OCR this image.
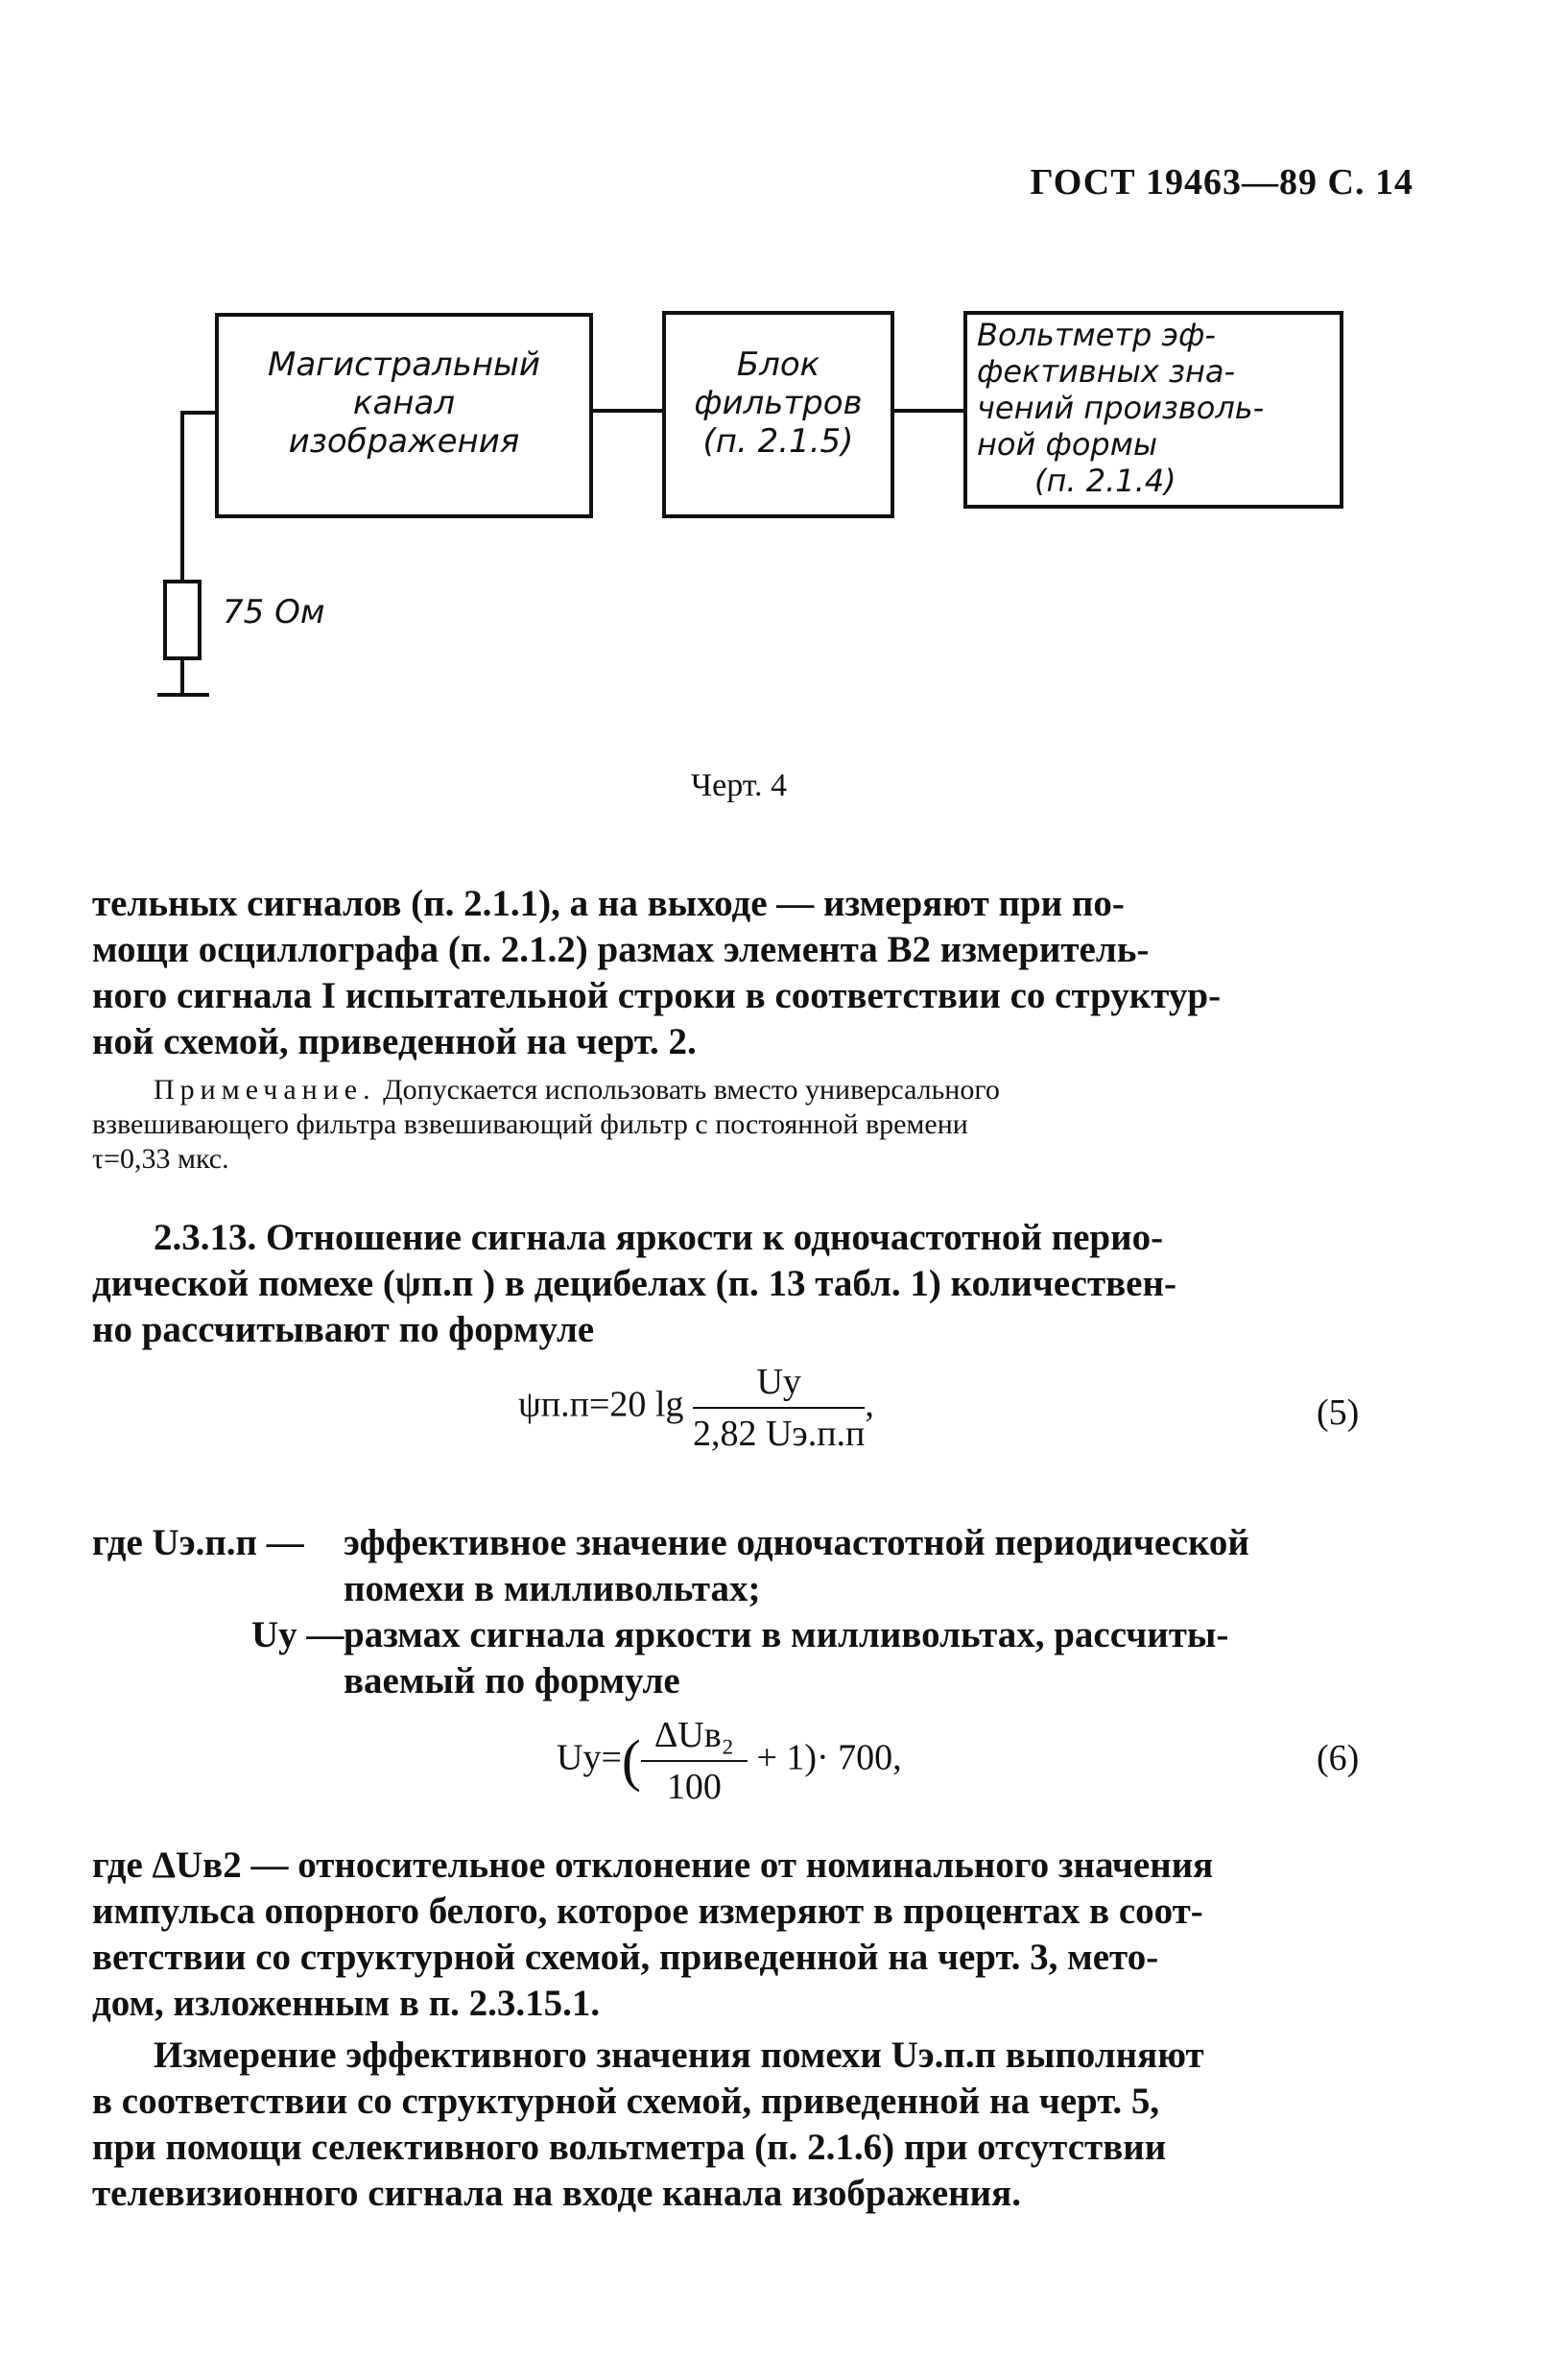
ГОСТ 19463—89 С. 14
Магистральный
канал
изображения
Блок
фильтров
(п. 2.1.5)
Вольтметр эф-
фективных зна-
чений произволь-
ной формы
(п. 2.1.4)
75 Ом
Черт. 4
тельных сигналов (п. 2.1.1), а на выходе — измеряют при по-
мощи осциллографа (п. 2.1.2) размах элемента В2 измеритель-
ного сигнала I испытательной строки в соответствии со структур-
ной схемой, приведенной на черт. 2.
Примечание. Допускается использовать вместо универсального
взвешивающего фильтра взвешивающий фильтр с постоянной времени
τ=0,33 мкс.
2.3.13. Отношение сигнала яркости к одночастотной перио-
дической помехе (ψп.п ) в децибелах (п. 13 табл. 1) количествен-
но рассчитывают по формуле
ψп.п=20 $\lg \frac{Uу}{2,82 Uэ.п.п}$ ,	(5)
где Uэ.п.п — эффективное значение одночастотной периодической
помехи в милливольтах;
Uу — размах сигнала яркости в милливольтах, рассчиты-
ваемый по формуле
$Uу=( \frac{\text{ΔUв₂}}{100} + 1)\cdot 700$,	(6)
где ΔUв2 — относительное отклонение от номинального значения
импульса опорного белого, которое измеряют в процентах в соот-
ветствии со структурной схемой, приведенной на черт. 3, мето-
дом, изложенным в п. 2.3.15.1.
Измерение эффективного значения помехи Uэ.п.п выполняют
в соответствии со структурной схемой, приведенной на черт. 5,
при помощи селективного вольтметра (п. 2.1.6) при отсутствии
телевизионного сигнала на входе канала изображения.
